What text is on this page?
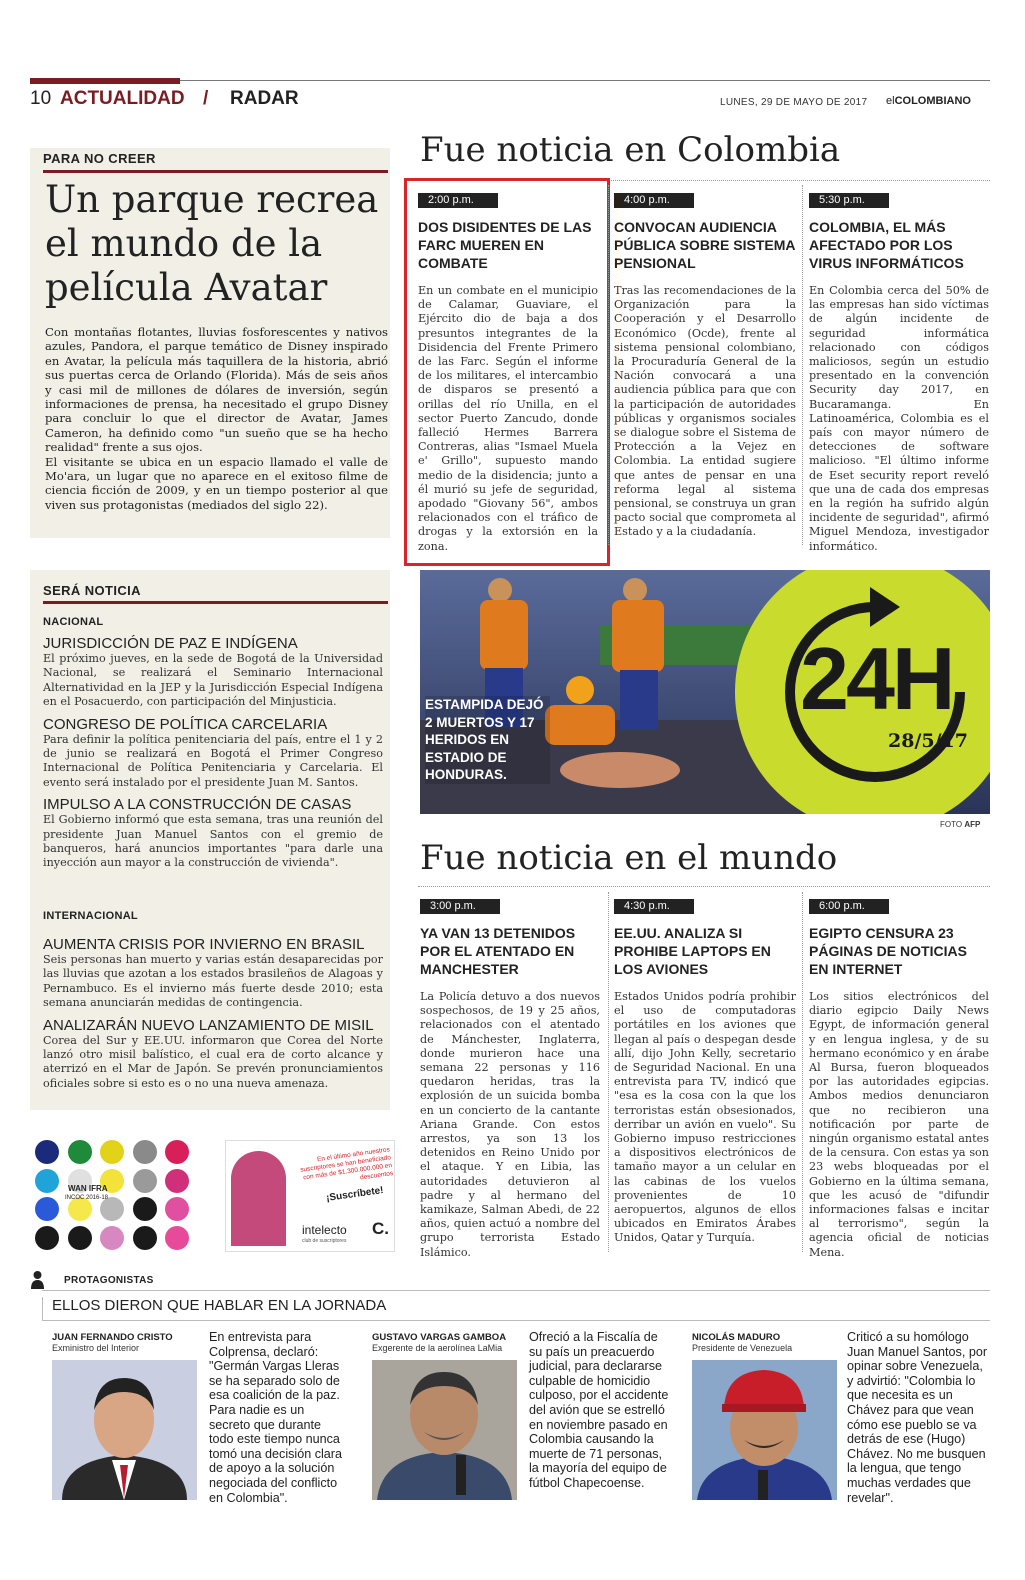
10 ACTUALIDAD / RADAR	LUNES, 29 DE MAYO DE 2017 elCOLOMBIANO
PARA NO CREER
Un parque recrea el mundo de la película Avatar

Con montañas flotantes, lluvias fosforescentes y nativos azules, Pandora, el parque temático de Disney inspirado en Avatar, la película más taquillera de la historia, abrió sus puertas cerca de Orlando (Florida). Más de seis años y casi mil de millones de dólares de inversión, según informaciones de prensa, ha necesitado el grupo Disney para concluir lo que el director de Avatar, James Cameron, ha definido como "un sueño que se ha hecho realidad" frente a sus ojos.

El visitante se ubica en un espacio llamado el valle de Mo'ara, un lugar que no aparece en el exitoso filme de ciencia ficción de 2009, y en un tiempo posterior al que viven sus protagonistas (mediados del siglo 22).

Fue noticia en Colombia
2:00 p.m.
DOS DISIDENTES DE LAS FARC MUEREN EN COMBATE
En un combate en el municipio de Calamar, Guaviare, el Ejército dio de baja a dos presuntos integrantes de la Disidencia del Frente Primero de las Farc. Según el informe de los militares, el intercambio de disparos se presentó a orillas del río Unilla, en el sector Puerto Zancudo, donde falleció Hermes Barrera Contreras, alias "Ismael Muela e' Grillo", supuesto mando medio de la disidencia; junto a él murió su jefe de seguridad, apodado "Giovany 56", ambos relacionados con el tráfico de drogas y la extorsión en la zona.
4:00 p.m.
CONVOCAN AUDIENCIA PÚBLICA SOBRE SISTEMA PENSIONAL
Tras las recomendaciones de la Organización para la Cooperación y el Desarrollo Económico (Ocde), frente al sistema pensional colombiano, la Procuraduría General de la Nación convocará a una audiencia pública para que con la participación de autoridades públicas y organismos sociales se dialogue sobre el Sistema de Protección a la Vejez en Colombia. La entidad sugiere que antes de pensar en una reforma legal al sistema pensional, se construya un gran pacto social que comprometa al Estado y a la ciudadanía.
5:30 p.m.
COLOMBIA, EL MÁS AFECTADO POR LOS VIRUS INFORMÁTICOS
En Colombia cerca del 50% de las empresas han sido víctimas de algún incidente de seguridad informática relacionado con códigos maliciosos, según un estudio presentado en la convención Security day 2017, en Bucaramanga. En Latinoamérica, Colombia es el país con mayor número de detecciones de software malicioso. "El último informe de Eset security report reveló que una de cada dos empresas en la región ha sufrido algún incidente de seguridad", afirmó Miguel Mendoza, investigador informático.
SERÁ NOTICIA
NACIONAL
JURISDICCIÓN DE PAZ E INDÍGENA
El próximo jueves, en la sede de Bogotá de la Universidad Nacional, se realizará el Seminario Internacional Alternatividad en la JEP y la Jurisdicción Especial Indígena en el Posacuerdo, con participación del Minjusticia.
CONGRESO DE POLÍTICA CARCELARIA
Para definir la política penitenciaria del país, entre el 1 y 2 de junio se realizará en Bogotá el Primer Congreso Internacional de Política Penitenciaria y Carcelaria. El evento será instalado por el presidente Juan M. Santos.
IMPULSO A LA CONSTRUCCIÓN DE CASAS
El Gobierno informó que esta semana, tras una reunión del presidente Juan Manuel Santos con el gremio de banqueros, hará anuncios importantes "para darle una inyección aun mayor a la construcción de vivienda".
INTERNACIONAL
AUMENTA CRISIS POR INVIERNO EN BRASIL
Seis personas han muerto y varias están desaparecidas por las lluvias que azotan a los estados brasileños de Alagoas y Pernambuco. Es el invierno más fuerte desde 2010; esta semana anunciarán medidas de contingencia.
ANALIZARÁN NUEVO LANZAMIENTO DE MISIL
Corea del Sur y EE.UU. informaron que Corea del Norte lanzó otro misil balístico, el cual era de corto alcance y aterrizó en el Mar de Japón. Se prevén pronunciamientos oficiales sobre si esto es o no una nueva amenaza.
ESTAMPIDA DEJÓ 2 MUERTOS Y 17 HERIDOS EN ESTADIO DE HONDURAS.
24H
28/5/17
FOTO AFP
Fue noticia en el mundo
3:00 p.m.
YA VAN 13 DETENIDOS POR EL ATENTADO EN MANCHESTER
La Policía detuvo a dos nuevos sospechosos, de 19 y 25 años, relacionados con el atentado de Mánchester, Inglaterra, donde murieron hace una semana 22 personas y 116 quedaron heridas, tras la explosión de un suicida bomba en un concierto de la cantante Ariana Grande. Con estos arrestos, ya son 13 los detenidos en Reino Unido por el ataque. Y en Libia, las autoridades detuvieron al padre y al hermano del kamikaze, Salman Abedi, de 22 años, quien actuó a nombre del grupo terrorista Estado Islámico.
4:30 p.m.
EE.UU. ANALIZA SI PROHIBE LAPTOPS EN LOS AVIONES
Estados Unidos podría prohibir el uso de computadoras portátiles en los aviones que llegan al país o despegan desde allí, dijo John Kelly, secretario de Seguridad Nacional. En una entrevista para TV, indicó que "esa es la cosa con la que los terroristas están obsesionados, derribar un avión en vuelo". Su Gobierno impuso restricciones a dispositivos electrónicos de tamaño mayor a un celular en las cabinas de los vuelos provenientes de 10 aeropuertos, algunos de ellos ubicados en Emiratos Árabes Unidos, Qatar y Turquía.
6:00 p.m.
EGIPTO CENSURA 23 PÁGINAS DE NOTICIAS EN INTERNET
Los sitios electrónicos del diario egipcio Daily News Egypt, de información general y en lengua inglesa, y de su hermano económico y en árabe Al Bursa, fueron bloqueados por las autoridades egipcias. Ambos medios denunciaron que no recibieron una notificación por parte de ningún organismo estatal antes de la censura. Con estas ya son 23 webs bloqueadas por el Gobierno en la última semana, que les acusó de "difundir informaciones falsas e incitar al terrorismo", según la agencia oficial de noticias Mena.
WAN IFRA
INCOC 2016-18
En el último año nuestros suscriptores se han beneficiado con más de $1.300.000.000 en descuentos
¡Suscríbete!
intelecto
club de suscriptores
C.
PROTAGONISTAS
ELLOS DIERON QUE HABLAR EN LA JORNADA
JUAN FERNANDO CRISTO
Exministro del Interior
En entrevista para Colprensa, declaró: "Germán Vargas Lleras se ha separado solo de esa coalición de la paz. Para nadie es un secreto que durante todo este tiempo nunca tomó una decisión clara de apoyo a la solución negociada del conflicto en Colombia".
GUSTAVO VARGAS GAMBOA
Exgerente de la aerolínea LaMia
Ofreció a la Fiscalía de su país un preacuerdo judicial, para declararse culpable de homicidio culposo, por el accidente del avión que se estrelló en noviembre pasado en Colombia causando la muerte de 71 personas, la mayoría del equipo de fútbol Chapecoense.
NICOLÁS MADURO
Presidente de Venezuela
Criticó a su homólogo Juan Manuel Santos, por opinar sobre Venezuela, y advirtió: "Colombia lo que necesita es un Chávez para que vean cómo ese pueblo se va detrás de ese (Hugo) Chávez. No me busquen la lengua, que tengo muchas verdades que revelar".
